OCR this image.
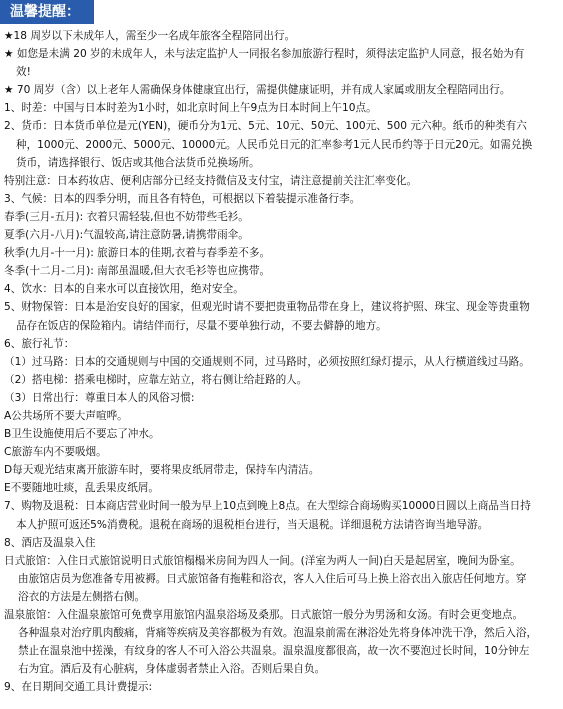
温馨提醒：

★18 周岁以下未成年人，需至少一名成年旅客全程陪同出行。

★ 如您是未满 20 岁的未成年人，未与法定监护人一同报名参加旅游行程时，须得法定监护人同意，报名始为有

效!

★ 70 周岁（含）以上老年人需确保身体健康宜出行，需提供健康证明，并有成人家属或朋友全程陪同出行。

1、时差：中国与日本时差为1小时，如北京时间上午9点为日本时间上午10点。

2、货币：日本货币单位是元(YEN)，硬币分为1元、5元、10元、50元、100元、500 元六种。纸币的种类有六

种，1000元、2000元、5000元、10000元。人民币兑日元的汇率参考1元人民币约等于日元20元。如需兑换

货币，请选择银行、饭店或其他合法货币兑换场所。

特别注意：日本药妆店、便利店部分已经支持微信及支付宝，请注意提前关注汇率变化。

3、气候：日本的四季分明，而且各有特色，可根据以下着装提示准备行李。

春季(三月-五月): 衣着只需轻装,但也不妨带些毛衫。

夏季(六月-八月):气温较高,请注意防暑,请携带雨伞。

秋季(九月-十一月): 旅游日本的佳期,衣着与春季差不多。

冬季(十二月-二月): 南部虽温暖,但大衣毛衫等也应携带。

4、饮水：日本的自来水可以直接饮用，绝对安全。

5、财物保管：日本是治安良好的国家，但观光时请不要把贵重物品带在身上，建议将护照、珠宝、现金等贵重物

品存在饭店的保险箱内。请结伴而行，尽量不要单独行动，不要去僻静的地方。

6、旅行礼节：

（1）过马路：日本的交通规则与中国的交通规则不同，过马路时，必须按照红绿灯提示，从人行横道线过马路。

（2）搭电梯：搭乘电梯时，应靠左站立，将右侧让给赶路的人。

（3）日常出行：尊重日本人的风俗习惯:

A公共场所不要大声喧哗。

B卫生设施使用后不要忘了冲水。

C旅游车内不要吸烟。

D每天观光结束离开旅游车时，要将果皮纸屑带走，保持车内清洁。

E不要随地吐痰，乱丢果皮纸屑。

7、购物及退税：日本商店营业时间一般为早上10点到晚上8点。在大型综合商场购买10000日圆以上商品当日持

本人护照可返还5%消费税。退税在商场的退税柜台进行，当天退税。详细退税方法请咨询当地导游。

8、酒店及温泉入住

日式旅馆：入住日式旅馆说明日式旅馆榻榻米房间为四人一间。(洋室为两人一间)白天是起居室，晚间为卧室。

由旅馆店员为您准备专用被褥。日式旅馆备有拖鞋和浴衣，客人入住后可马上换上浴衣出入旅店任何地方。穿

浴衣的方法是左侧搭右侧。

温泉旅馆：入住温泉旅馆可免费享用旅馆内温泉浴场及桑那。日式旅馆一般分为男汤和女汤。有时会更变地点。

各种温泉对治疗肌肉酸痛，背痛等疾病及美容都极为有效。泡温泉前需在淋浴处先将身体冲洗干净，然后入浴，

禁止在温泉池中搓澡，有纹身的客人不可入浴公共温泉。温泉温度都很高，故一次不要泡过长时间，10分钟左

右为宜。酒后及有心脏病，身体虚弱者禁止入浴。否则后果自负。

9、在日期间交通工具计费提示:
